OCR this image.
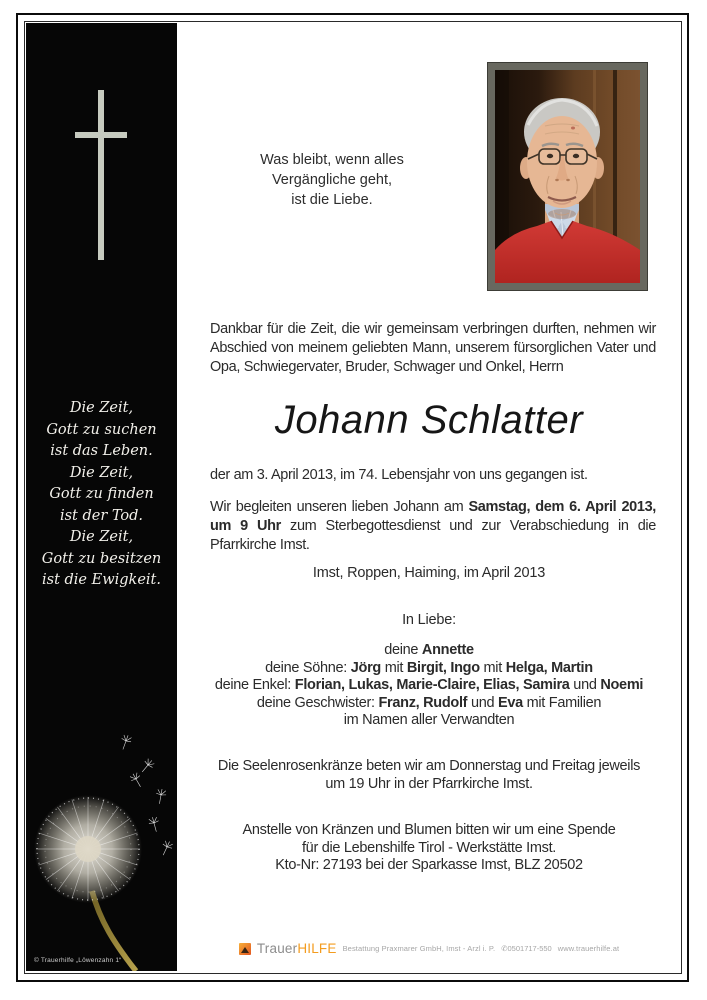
Die Zeit,
Gott zu suchen
ist das Leben.
Die Zeit,
Gott zu finden
ist der Tod.
Die Zeit,
Gott zu besitzen
ist die Ewigkeit.
© Trauerhilfe „Löwenzahn 1“
Was bleibt, wenn alles
Vergängliche geht,
ist die Liebe.
Dankbar für die Zeit, die wir gemeinsam verbringen durften, nehmen wir Abschied von meinem geliebten Mann, unserem fürsorglichen Vater und Opa, Schwiegervater, Bruder, Schwager und Onkel, Herrn
Johann Schlatter
der am 3. April 2013, im 74. Lebensjahr von uns gegangen ist.
Wir begleiten unseren lieben Johann am Samstag, dem 6. April 2013, um 9 Uhr zum Sterbegottesdienst und zur Verabschiedung in die Pfarrkirche Imst.
Imst, Roppen, Haiming, im April 2013
In Liebe:
deine Annette
deine Söhne: Jörg mit Birgit, Ingo mit Helga, Martin
deine Enkel: Florian, Lukas, Marie-Claire, Elias, Samira und Noemi
deine Geschwister: Franz, Rudolf und Eva mit Familien
im Namen aller Verwandten
Die Seelenrosenkränze beten wir am Donnerstag und Freitag jeweils
um 19 Uhr in der Pfarrkirche Imst.
Anstelle von Kränzen und Blumen bitten wir um eine Spende
für die Lebenshilfe Tirol - Werkstätte Imst.
Kto-Nr: 27193 bei der Sparkasse Imst, BLZ 20502
TrauerHILFE Bestattung Praxmarer GmbH, Imst - Arzl i. P. ✆0501717-550 www.trauerhilfe.at
